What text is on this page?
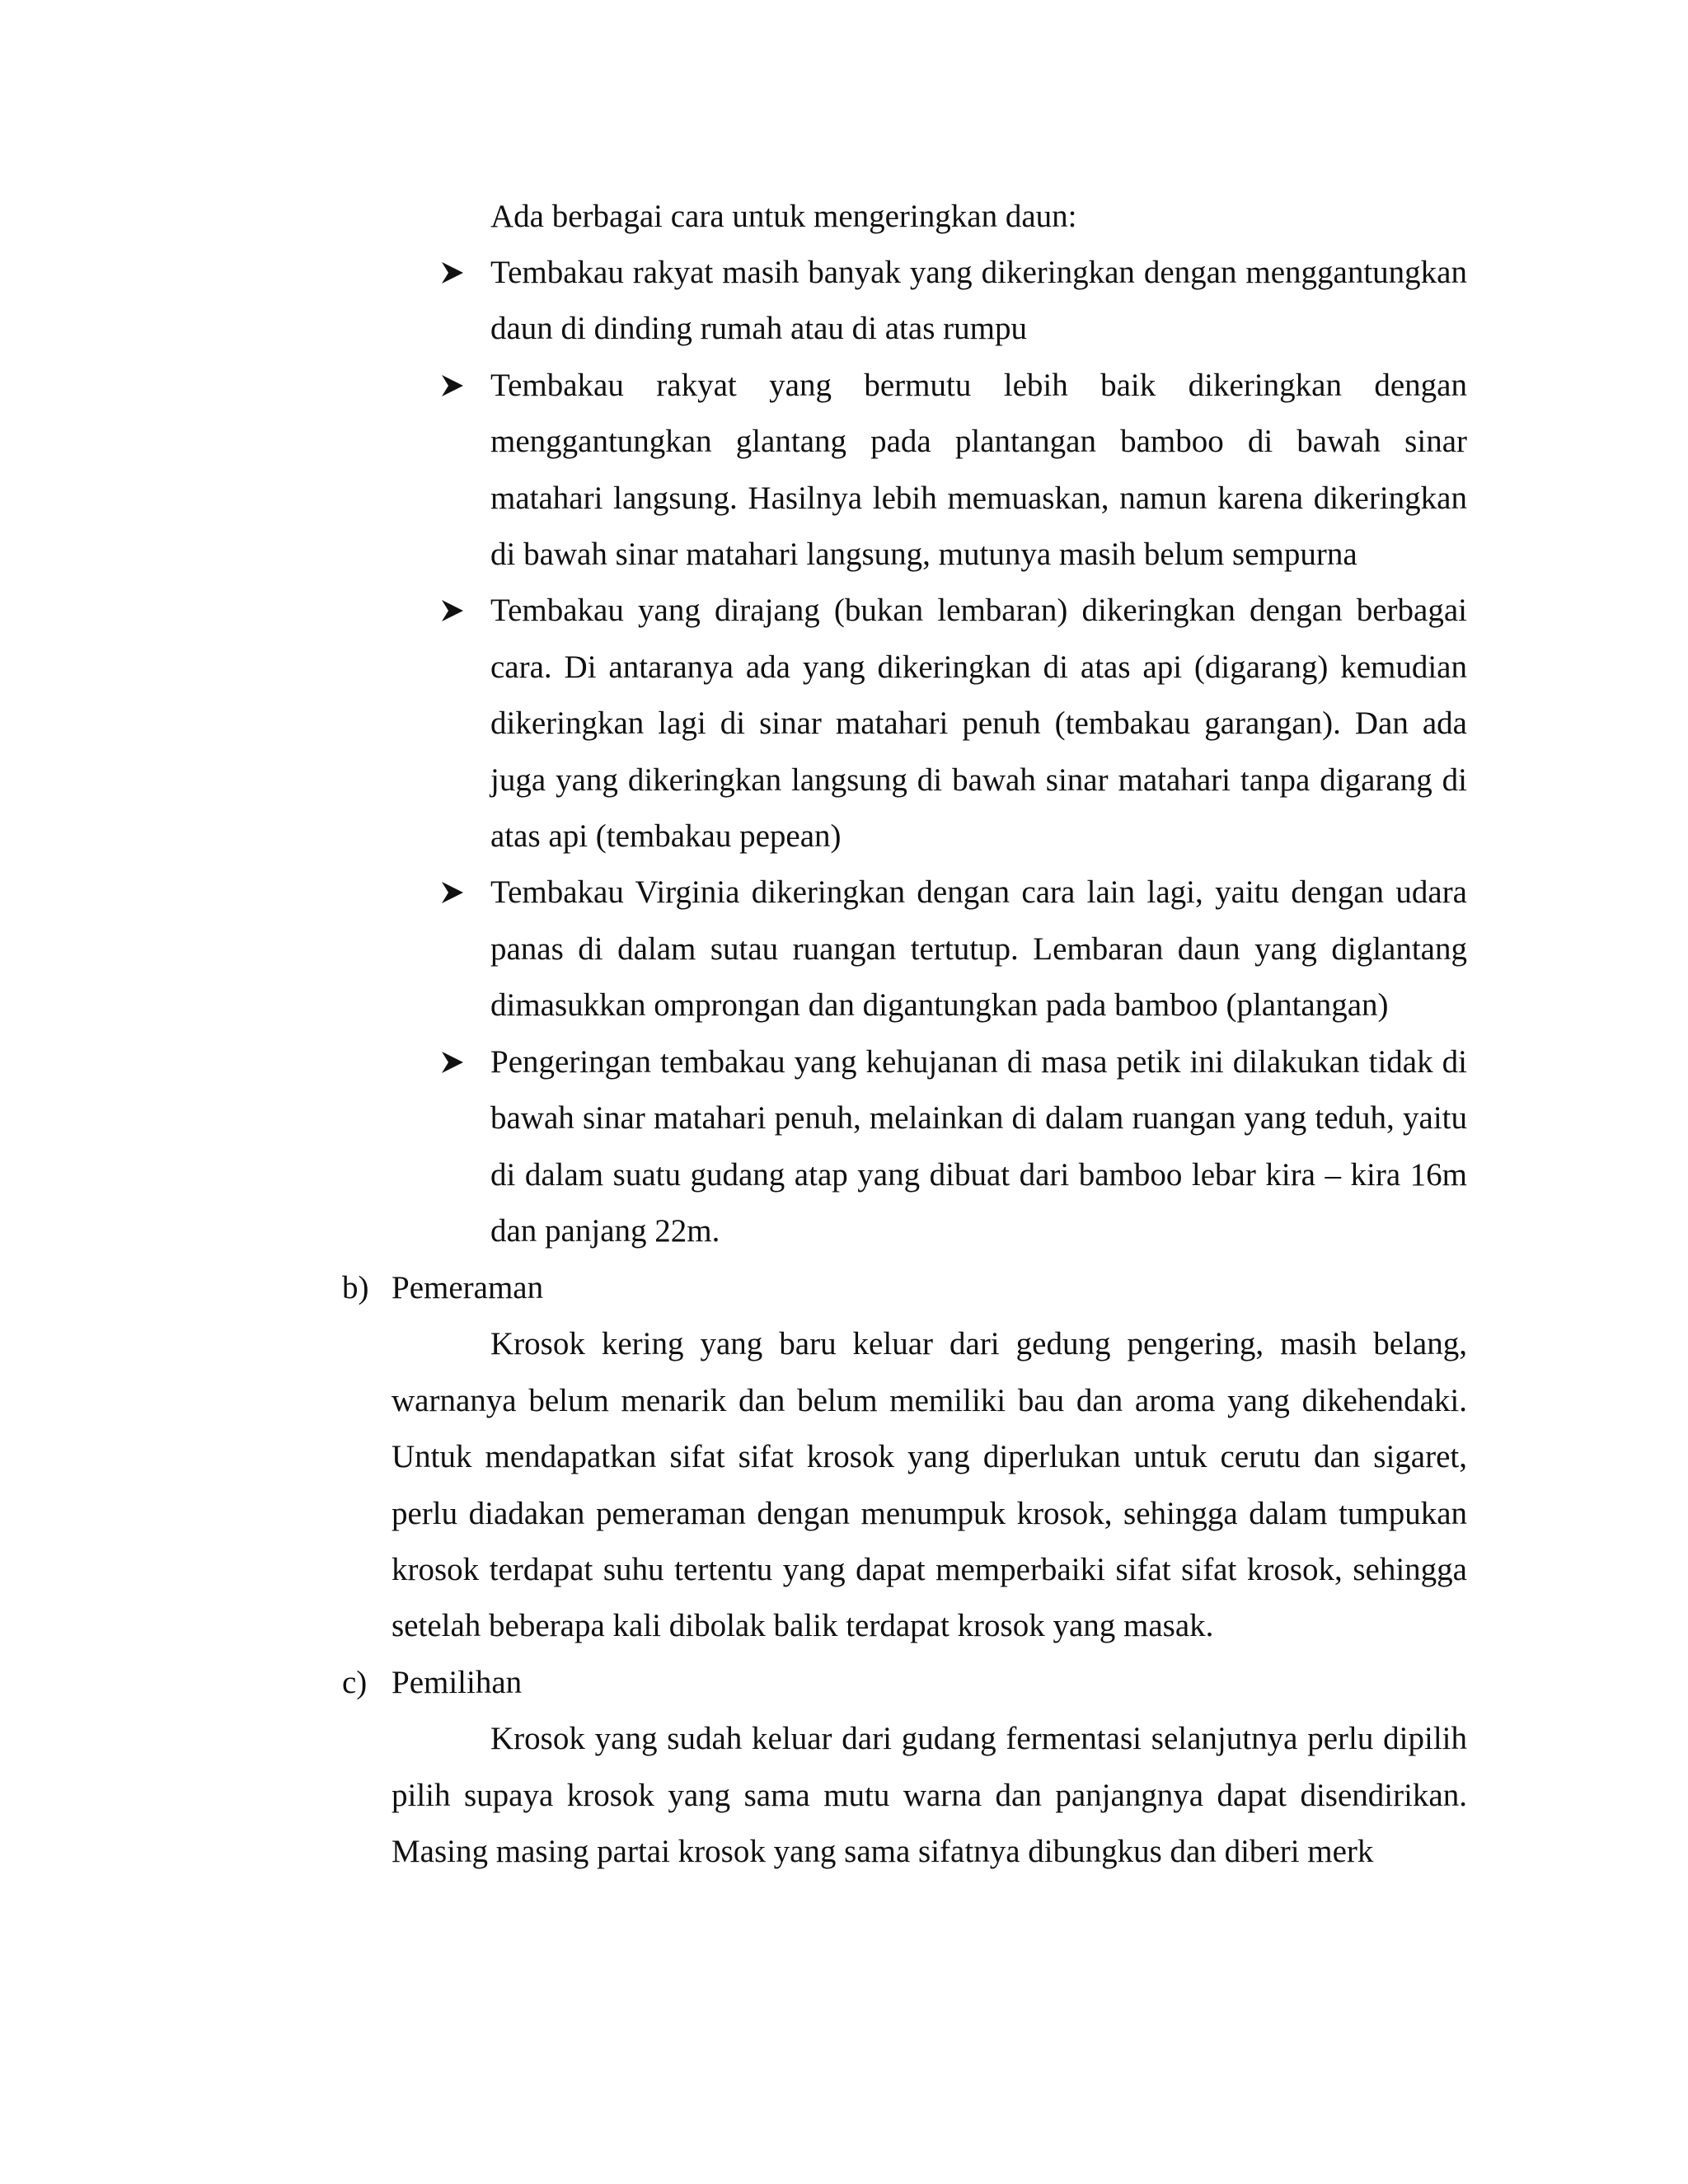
Ada berbagai cara untuk mengeringkan daun:

Tembakau rakyat masih banyak yang dikeringkan dengan menggantungkan daun di dinding rumah atau di atas rumpu
Tembakau rakyat yang bermutu lebih baik dikeringkan dengan menggantungkan glantang pada plantangan bamboo di bawah sinar matahari langsung. Hasilnya lebih memuaskan, namun karena dikeringkan di bawah sinar matahari langsung, mutunya masih belum sempurna
Tembakau yang dirajang (bukan lembaran) dikeringkan dengan berbagai cara. Di antaranya ada yang dikeringkan di atas api (digarang) kemudian dikeringkan lagi di sinar matahari penuh (tembakau garangan). Dan ada juga yang dikeringkan langsung di bawah sinar matahari tanpa digarang di atas api (tembakau pepean)
Tembakau Virginia dikeringkan dengan cara lain lagi, yaitu dengan udara panas di dalam sutau ruangan tertutup. Lembaran daun yang diglantang dimasukkan omprongan dan digantungkan pada bamboo (plantangan)
Pengeringan tembakau yang kehujanan di masa petik ini dilakukan tidak di bawah sinar matahari penuh, melainkan di dalam ruangan yang teduh, yaitu di dalam suatu gudang atap yang dibuat dari bamboo lebar kira – kira 16m dan panjang 22m.
b) Pemeraman

Krosok kering yang baru keluar dari gedung pengering, masih belang, warnanya belum menarik dan belum memiliki bau dan aroma yang dikehendaki. Untuk mendapatkan sifat sifat krosok yang diperlukan untuk cerutu dan sigaret, perlu diadakan pemeraman dengan menumpuk krosok, sehingga dalam tumpukan krosok terdapat suhu tertentu yang dapat memperbaiki sifat sifat krosok, sehingga setelah beberapa kali dibolak balik terdapat krosok yang masak.

c) Pemilihan

Krosok yang sudah keluar dari gudang fermentasi selanjutnya perlu dipilih pilih supaya krosok yang sama mutu warna dan panjangnya dapat disendirikan. Masing masing partai krosok yang sama sifatnya dibungkus dan diberi merk
